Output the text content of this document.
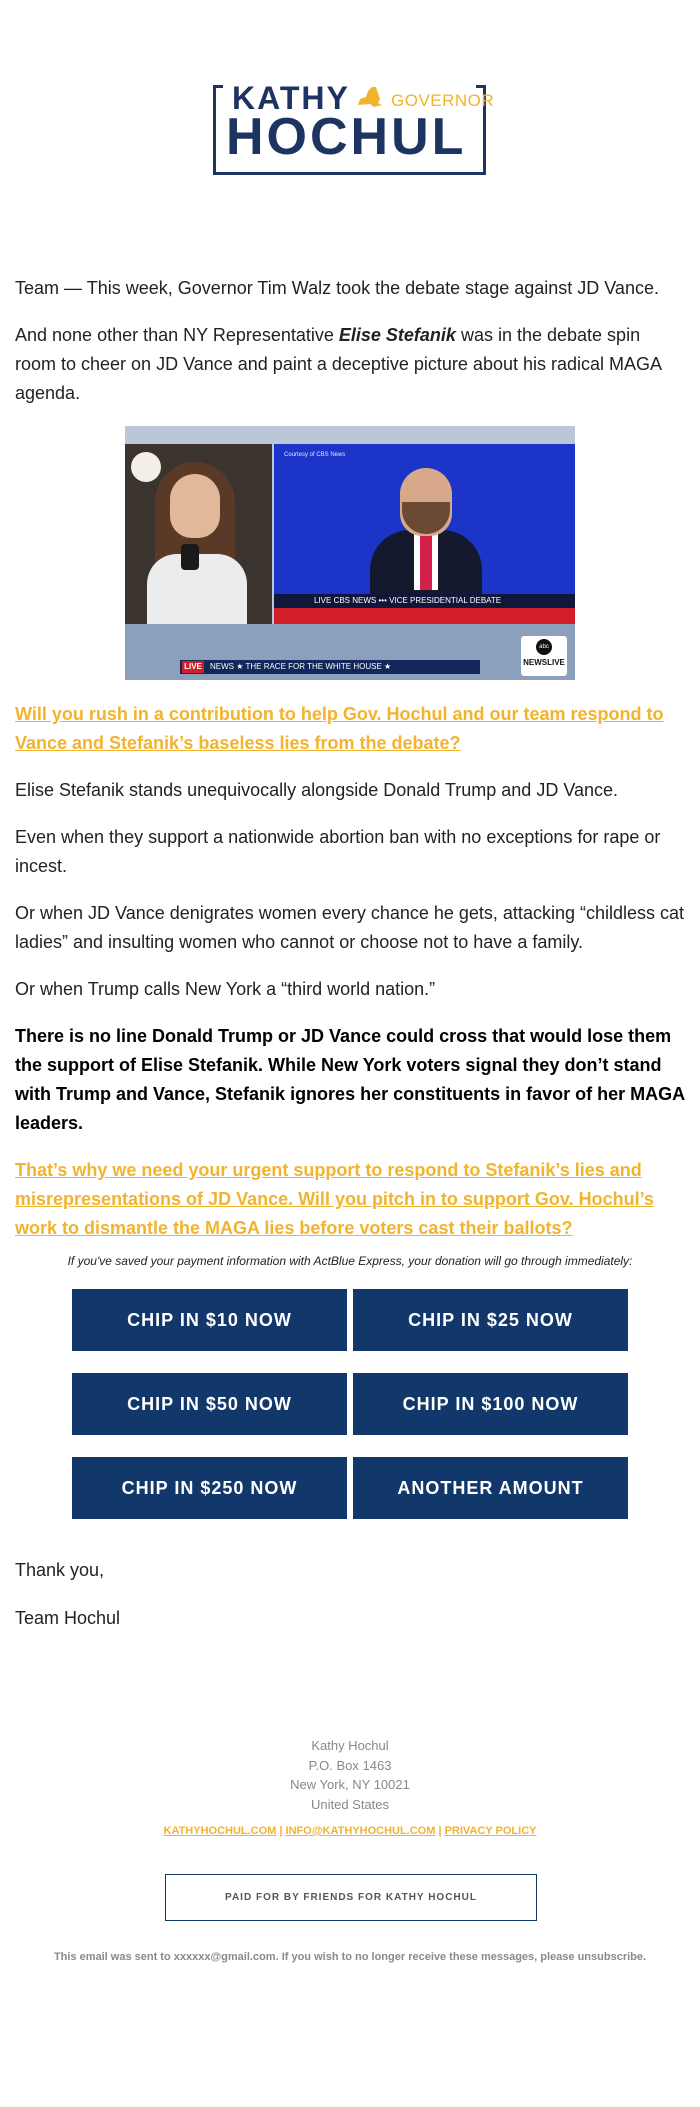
KATHY GOVERNOR
HOCHUL

Team — This week, Governor Tim Walz took the debate stage against JD Vance.

And none other than NY Representative Elise Stefanik was in the debate spin room to cheer on JD Vance and paint a deceptive picture about his radical MAGA agenda.

Courtesy of CBS News
LIVE CBS NEWS ••• VICE PRESIDENTIAL DEBATE
NEWS ★ THE RACE FOR THE WHITE HOUSE ★
LIVE
abc
NEWSLIVE

Will you rush in a contribution to help Gov. Hochul and our team respond to Vance and Stefanik’s baseless lies from the debate?

Elise Stefanik stands unequivocally alongside Donald Trump and JD Vance.

Even when they support a nationwide abortion ban with no exceptions for rape or incest.

Or when JD Vance denigrates women every chance he gets, attacking “childless cat ladies” and insulting women who cannot or choose not to have a family.

Or when Trump calls New York a “third world nation.”

There is no line Donald Trump or JD Vance could cross that would lose them the support of Elise Stefanik. While New York voters signal they don’t stand with Trump and Vance, Stefanik ignores her constituents in favor of her MAGA leaders.

That’s why we need your urgent support to respond to Stefanik’s lies and misrepresentations of JD Vance. Will you pitch in to support Gov. Hochul’s work to dismantle the MAGA lies before voters cast their ballots?

If you've saved your payment information with ActBlue Express, your donation will go through immediately:
CHIP IN $10 NOW	CHIP IN $25 NOW
CHIP IN $50 NOW	CHIP IN $100 NOW
CHIP IN $250 NOW	ANOTHER AMOUNT

Thank you,

Team Hochul

Kathy Hochul
P.O. Box 1463
New York, NY 10021
United States
KATHYHOCHUL.COM | INFO@KATHYHOCHUL.COM | PRIVACY POLICY
PAID FOR BY FRIENDS FOR KATHY HOCHUL
This email was sent to xxxxxx@gmail.com. If you wish to no longer receive these messages, please unsubscribe.
